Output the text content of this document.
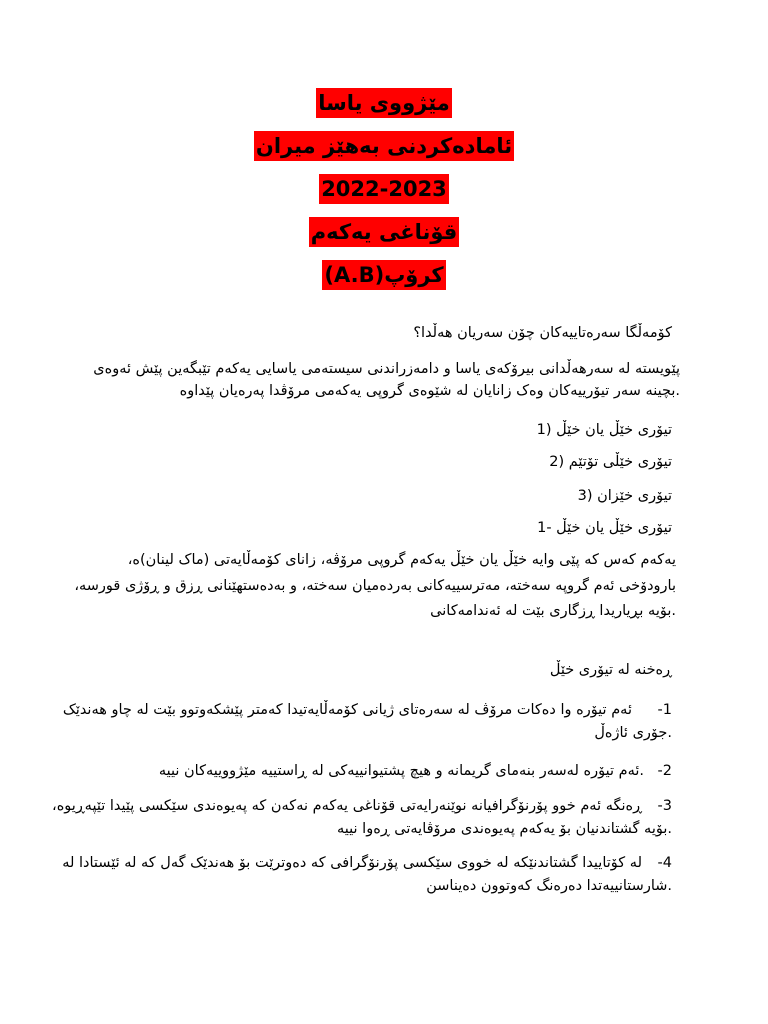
مێژووی یاسا
ئامادەکردنی بەهێز میران
2022-2023
قۆناغی یەکەم
(A.B)کرۆپ
کۆمەڵگا سەرەتاییەکان چۆن سەریان هەڵدا؟
پێویستە لە سەرهەڵدانی بیرۆکەی یاسا و دامەزراندنی سیستەمی یاسایی یەکەم تێبگەین پێش ئەوەی
.بچینە سەر تیۆرییەکان وەک زانایان لە شێوەی گروپی یەکەمی مرۆڤدا پەرەیان پێداوە
تیۆری خێڵ یان خێڵ (1
تیۆری خێڵی تۆتێم (2
تیۆری خێزان (3
تیۆری خێڵ یان خێڵ -1
یەکەم کەس کە پێی وایە خێڵ یان خێڵ یەکەم گروپی مرۆڤە، زانای کۆمەڵایەتی (ماک لینان)ە،
بارودۆخی ئەم گروپە سەختە، مەترسییەکانی بەردەمیان سەختە، و بەدەستهێنانی ڕزق و ڕۆژی قورسە،
.بۆیە بڕیاریدا ڕزگاری بێت لە ئەندامەکانی
ڕەخنە لە تیۆری خێڵ
-1
ئەم تیۆرە وا دەکات مرۆڤ لە سەرەتای ژیانی کۆمەڵایەتیدا کەمتر پێشکەوتوو بێت لە چاو هەندێک
.جۆری ئاژەڵ
-2
.ئەم تیۆرە لەسەر بنەمای گریمانە و هیچ پشتیوانییەکی لە ڕاستییە مێژووییەکان نییە
-3
ڕەنگە ئەم خوو پۆرنۆگرافیانە نوێنەرایەتی قۆناغی یەکەم نەکەن کە پەیوەندی سێکسی پێیدا تێپەڕیوە،
.بۆیە گشتاندنیان بۆ یەکەم پەیوەندی مرۆڤایەتی ڕەوا نییە
-4
لە کۆتاییدا گشتاندنێکە لە خووی سێکسی پۆرنۆگرافی کە دەوترێت بۆ هەندێک گەل کە لە ئێستادا لە
.شارستانییەتدا دەرەنگ کەوتوون دەیناسن
